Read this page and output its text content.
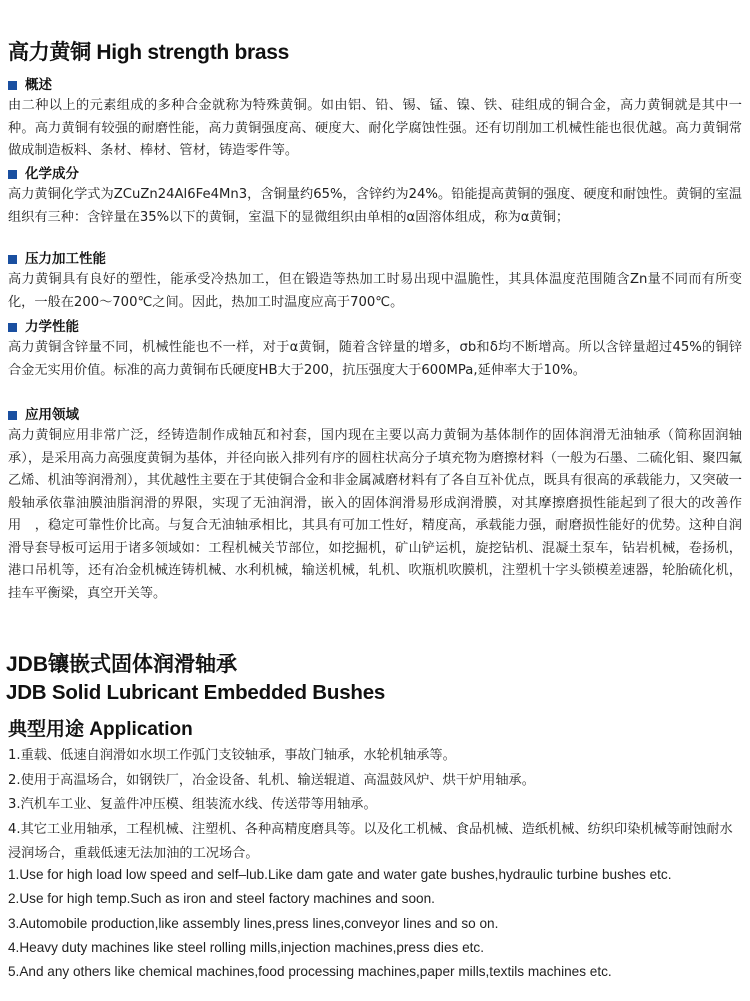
高力黄铜 High strength brass
概述

由二种以上的元素组成的多种合金就称为特殊黄铜。如由铝、铅、锡、锰、镍、铁、硅组成的铜合金，高力黄铜就是其中一种。高力黄铜有较强的耐磨性能，高力黄铜强度高、硬度大、耐化学腐蚀性强。还有切削加工机械性能也很优越。高力黄铜常做成制造板料、条材、棒材、管材，铸造零件等。

化学成分

高力黄铜化学式为ZCuZn24Al6Fe4Mn3，含铜量约65%，含锌约为24%。铅能提高黄铜的强度、硬度和耐蚀性。黄铜的室温组织有三种：含锌量在35%以下的黄铜，室温下的显微组织由单相的α固溶体组成，称为α黄铜；

压力加工性能

高力黄铜具有良好的塑性，能承受冷热加工，但在锻造等热加工时易出现中温脆性，其具体温度范围随含Zn量不同而有所变化，一般在200～700℃之间。因此，热加工时温度应高于700℃。

力学性能

高力黄铜含锌量不同，机械性能也不一样，对于α黄铜，随着含锌量的增多，σb和δ均不断增高。所以含锌量超过45%的铜锌合金无实用价值。标准的高力黄铜布氏硬度HB大于200，抗压强度大于600MPa,延伸率大于10%。

应用领域

高力黄铜应用非常广泛，经铸造制作成轴瓦和衬套，国内现在主要以高力黄铜为基体制作的固体润滑无油轴承（简称固润轴承），是采用高力高强度黄铜为基体，并径向嵌入排列有序的圆柱状高分子填充物为磨擦材料（一般为石墨、二硫化钼、聚四氟乙烯、机油等润滑剂），其优越性主要在于其使铜合金和非金属减磨材料有了各自互补优点，既具有很高的承载能力，又突破一般轴承依靠油膜油脂润滑的界限，实现了无油润滑，嵌入的固体润滑易形成润滑膜，对其摩擦磨损性能起到了很大的改善作用　，稳定可靠性价比高。与复合无油轴承相比，其具有可加工性好，精度高，承载能力强，耐磨损性能好的优势。这种自润滑导套导板可运用于诸多领域如：工程机械关节部位，如挖掘机，矿山铲运机，旋挖钻机、混凝土泵车，钻岩机械，卷扬机，港口吊机等，还有冶金机械连铸机械、水利机械，输送机械，轧机、吹瓶机吹膜机，注塑机十字头锁模差速器，轮胎硫化机，挂车平衡梁，真空开关等。

JDB镶嵌式固体润滑轴承
JDB Solid Lubricant Embedded Bushes
典型用途 Application
1.重载、低速自润滑如水坝工作弧门支铰轴承，事故门轴承，水轮机轴承等。
2.使用于高温场合，如钢铁厂，冶金设备、轧机、输送辊道、高温鼓风炉、烘干炉用轴承。
3.汽机车工业、复盖件冲压模、组装流水线、传送带等用轴承。
4.其它工业用轴承，工程机械、注塑机、各种高精度磨具等。以及化工机械、食品机械、造纸机械、纺织印染机械等耐蚀耐水浸润场合，重载低速无法加油的工况场合。
1.Use for high load low speed and self–lub.Like dam gate and water gate bushes,hydraulic turbine bushes etc.
2.Use for high temp.Such as iron and steel factory machines and soon.
3.Automobile production,like assembly lines,press lines,conveyor lines and so on.
4.Heavy duty machines like steel rolling mills,injection machines,press dies etc.
5.And any others like chemical machines,food processing machines,paper mills,textils machines etc.
